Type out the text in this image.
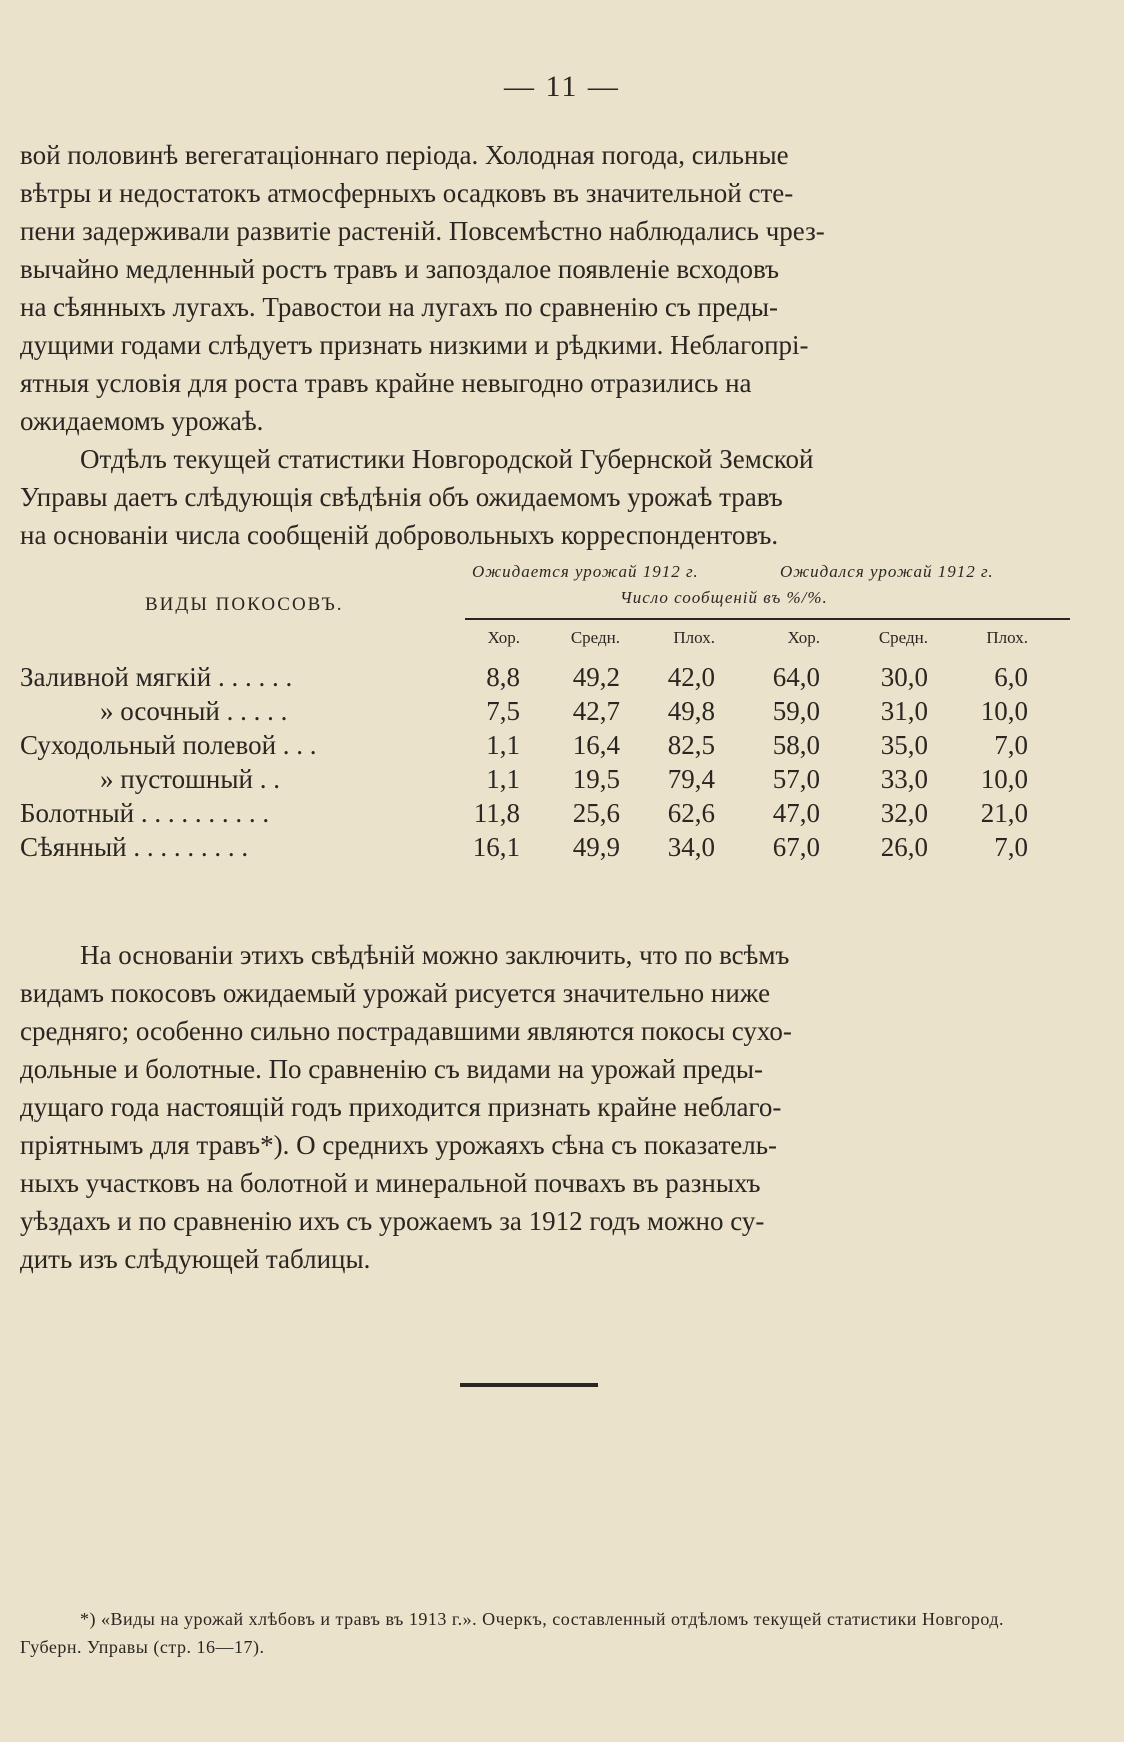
— 11 —
вой половинѣ вегегатаціоннаго періода. Холодная погода, сильные
вѣтры и недостатокъ атмосферныхъ осадковъ въ значительной сте-
пени задерживали развитіе растеній. Повсемѣстно наблюдались чрез-
вычайно медленный ростъ травъ и запоздалое появленіе всходовъ
на сѣянныхъ лугахъ. Травостои на лугахъ по сравненію съ преды-
дущими годами слѣдуетъ признать низкими и рѣдкими. Неблагопрі-
ятныя условія для роста травъ крайне невыгодно отразились на
ожидаемомъ урожаѣ.
Отдѣлъ текущей статистики Новгородской Губернской Земской
Управы даетъ слѣдующія свѣдѣнія объ ожидаемомъ урожаѣ травъ
на основаніи числа сообщеній добровольныхъ корреспондентовъ.
ВИДЫ ПОКОСОВЪ.
Ожидается урожай 1912 г.	Ожидался урожай 1912 г.
Число сообщеній въ %/%.
Хор.	Средн.	Плох.	Хор.	Средн.	Плох.
Заливной мягкій . . . . . .	8,8	49,2	42,0	64,0	30,0	6,0
» осочный . . . . .	7,5	42,7	49,8	59,0	31,0	10,0
Суходольный полевой . . .	1,1	16,4	82,5	58,0	35,0	7,0
» пустошный . .	1,1	19,5	79,4	57,0	33,0	10,0
Болотный . . . . . . . . . .	11,8	25,6	62,6	47,0	32,0	21,0
Сѣянный . . . . . . . . .	16,1	49,9	34,0	67,0	26,0	7,0
На основаніи этихъ свѣдѣній можно заключить, что по всѣмъ
видамъ покосовъ ожидаемый урожай рисуется значительно ниже
средняго; особенно сильно пострадавшими являются покосы сухо-
дольные и болотные. По сравненію съ видами на урожай преды-
дущаго года настоящій годъ приходится признать крайне неблаго-
пріятнымъ для травъ*). О среднихъ урожаяхъ сѣна съ показатель-
ныхъ участковъ на болотной и минеральной почвахъ въ разныхъ
уѣздахъ и по сравненію ихъ съ урожаемъ за 1912 годъ можно су-
дить изъ слѣдующей таблицы.

*) «Виды на урожай хлѣбовъ и травъ въ 1913 г.». Очеркъ, составленный отдѣломъ текущей статистики Новгород. Губерн. Управы (стр. 16—17).
